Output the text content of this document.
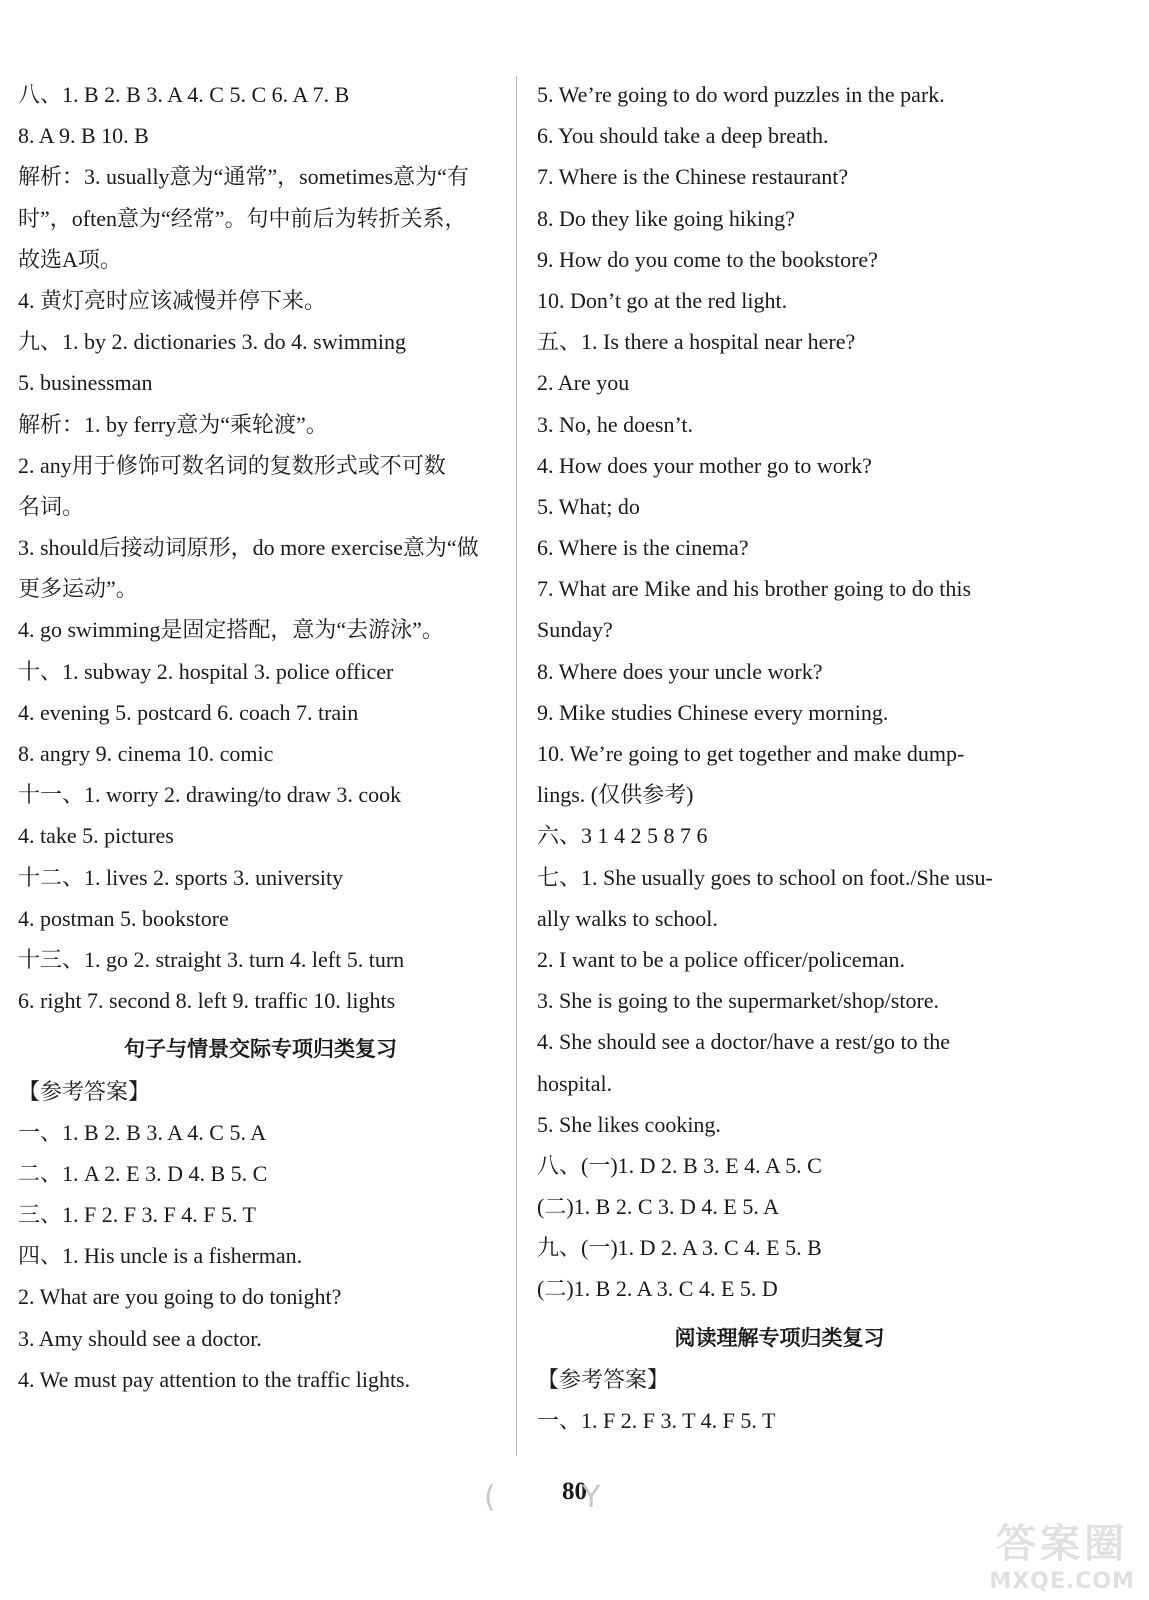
八、1. B 2. B 3. A 4. C 5. C 6. A 7. B
8. A 9. B 10. B
解析：3. usually意为“通常”，sometimes意为“有
时”，often意为“经常”。句中前后为转折关系，
故选A项。
4. 黄灯亮时应该减慢并停下来。
九、1. by 2. dictionaries 3. do 4. swimming
5. businessman
解析：1. by ferry意为“乘轮渡”。
2. any用于修饰可数名词的复数形式或不可数
名词。
3. should后接动词原形，do more exercise意为“做
更多运动”。
4. go swimming是固定搭配，意为“去游泳”。
十、1. subway 2. hospital 3. police officer
4. evening 5. postcard 6. coach 7. train
8. angry 9. cinema 10. comic
十一、1. worry 2. drawing/to draw 3. cook
4. take 5. pictures
十二、1. lives 2. sports 3. university
4. postman 5. bookstore
十三、1. go 2. straight 3. turn 4. left 5. turn
6. right 7. second 8. left 9. traffic 10. lights
句子与情景交际专项归类复习
【参考答案】
一、1. B 2. B 3. A 4. C 5. A
二、1. A 2. E 3. D 4. B 5. C
三、1. F 2. F 3. F 4. F 5. T
四、1. His uncle is a fisherman.
2. What are you going to do tonight?
3. Amy should see a doctor.
4. We must pay attention to the traffic lights.
5. We’re going to do word puzzles in the park.
6. You should take a deep breath.
7. Where is the Chinese restaurant?
8. Do they like going hiking?
9. How do you come to the bookstore?
10. Don’t go at the red light.
五、1. Is there a hospital near here?
2. Are you
3. No, he doesn’t.
4. How does your mother go to work?
5. What; do
6. Where is the cinema?
7. What are Mike and his brother going to do this
Sunday?
8. Where does your uncle work?
9. Mike studies Chinese every morning.
10. We’re going to get together and make dump-
lings. (仅供参考)
六、3 1 4 2 5 8 7 6
七、1. She usually goes to school on foot./She usu-
ally walks to school.
2. I want to be a police officer/policeman.
3. She is going to the supermarket/shop/store.
4. She should see a doctor/have a rest/go to the
hospital.
5. She likes cooking.
八、(一)1. D 2. B 3. E 4. A 5. C
(二)1. B 2. C 3. D 4. E 5. A
九、(一)1. D 2. A 3. C 4. E 5. B
(二)1. B 2. A 3. C 4. E 5. D
阅读理解专项归类复习
【参考答案】
一、1. F 2. F 3. T 4. F 5. T
(	80
Y
答案圈
MXQE.COM
